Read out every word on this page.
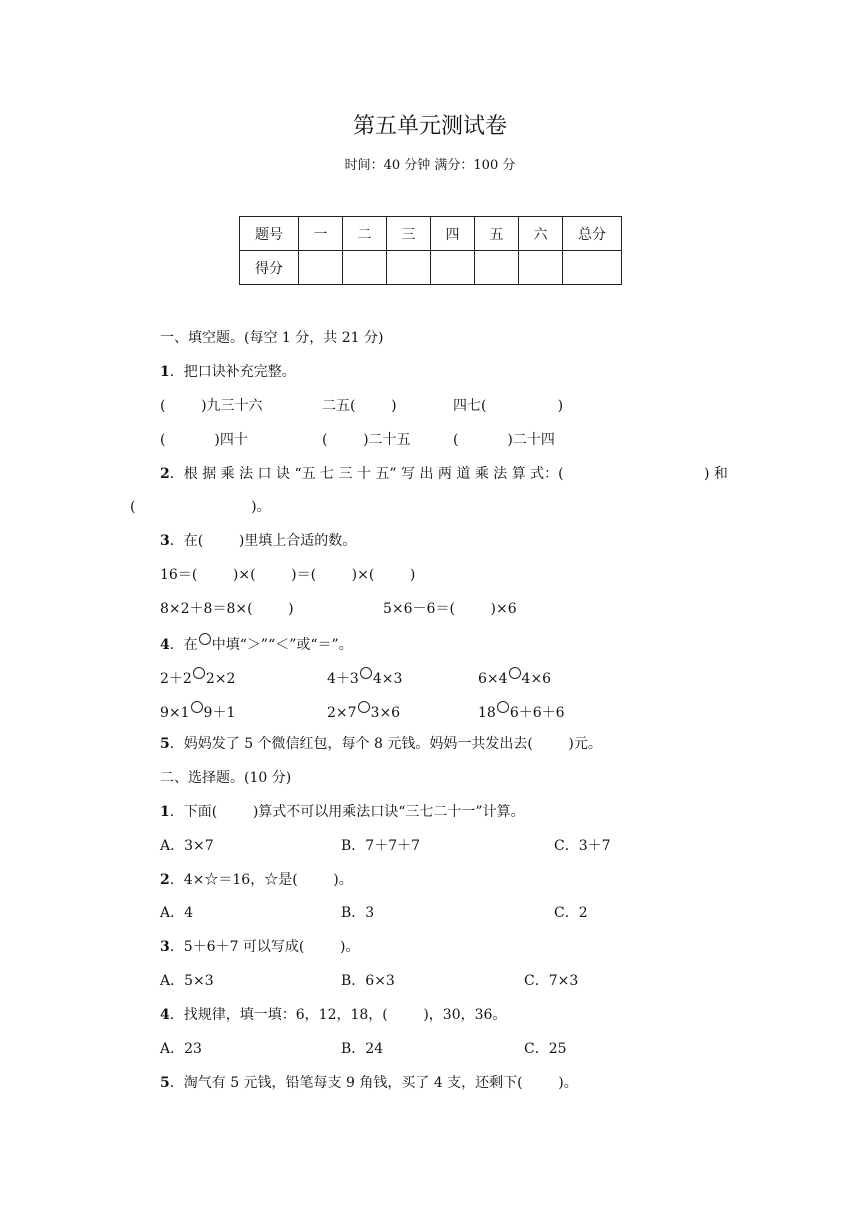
第五单元测试卷
时间：40 分钟 满分：100 分
题号	一	二	三	四	五	六	总分
得分							
一、填空题。(每空 1 分，共 21 分)
1．把口诀补充完整。
(        )九三十六	二五(        )	四七(                )
(           )四十	(        )二十五	(           )二十四
2．根 据 乘 法 口 诀 “五 七 三 十 五” 写 出 两 道 乘 法 算 式：(	) 和
(                          )。
3．在(        )里填上合适的数。
16＝(        )×(        )＝(        )×(        )
8×2＋8＝8×(        )	5×6－6＝(        )×6
4．在 中填“＞”“＜”或“＝”。
2＋2 2×2	4＋3 4×3	6×4 4×6
9×1 9＋1	2×7 3×6	18 6＋6＋6
5．妈妈发了 5 个微信红包，每个 8 元钱。妈妈一共发出去(        )元。
二、选择题。(10 分)
1．下面(        )算式不可以用乘法口诀“三七二十一”计算。
A．3×7	B．7＋7＋7	C．3＋7
2．4×☆＝16，☆是(        )。
A．4	B．3	C．2
3．5＋6＋7 可以写成(        )。
A．5×3	B．6×3	C．7×3
4．找规律，填一填：6，12，18，(        )，30，36。
A．23	B．24	C．25
5．淘气有 5 元钱，铅笔每支 9 角钱，买了 4 支，还剩下(        )。
